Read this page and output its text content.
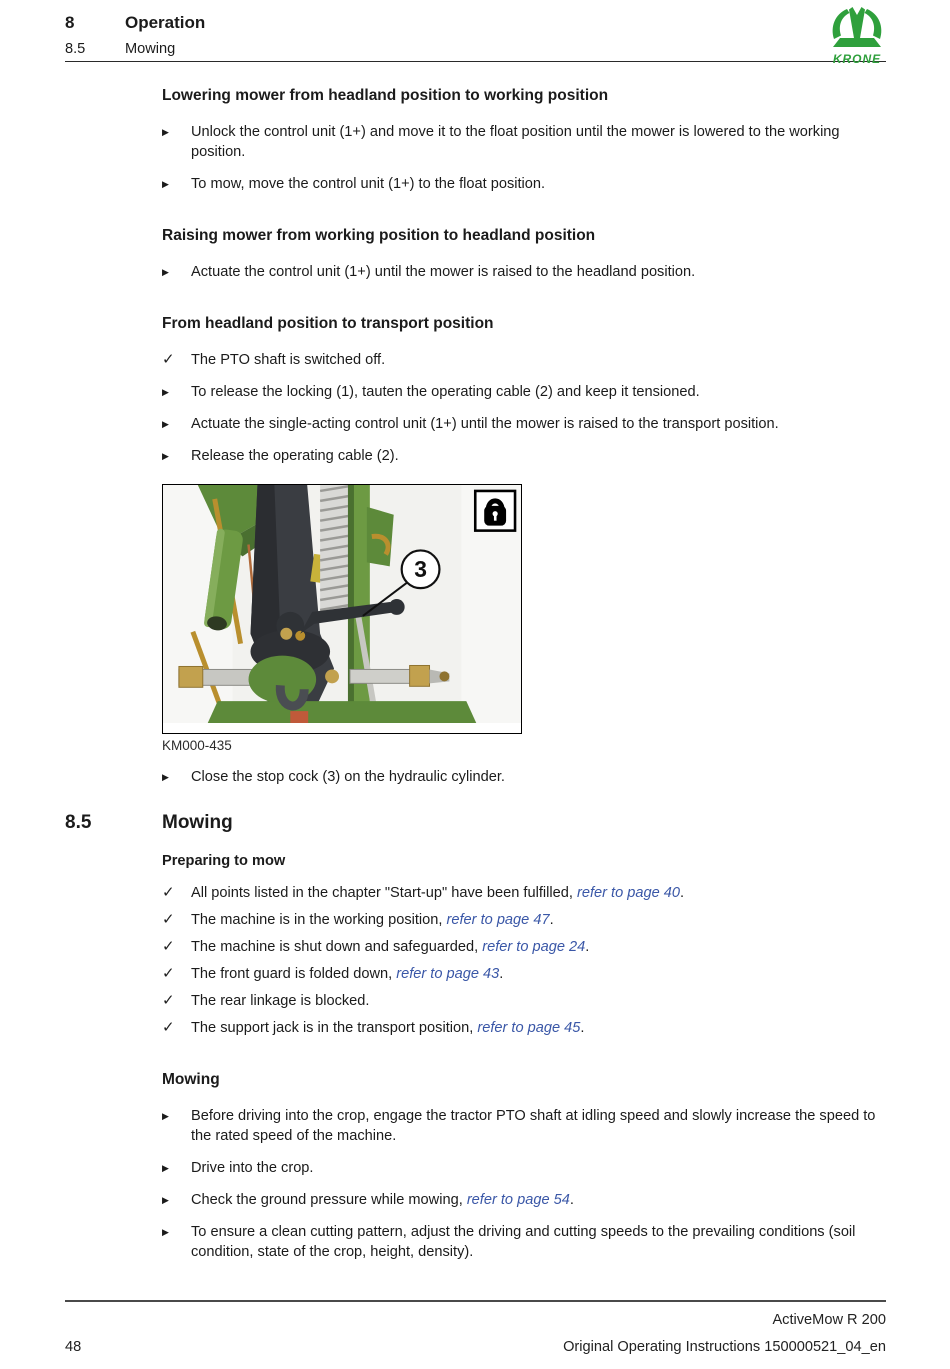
8	Operation
8.5	Mowing
KRONE
Lowering mower from headland position to working position
▶	Unlock the control unit (1+) and move it to the float position until the mower is lowered to the working position.
▶	To mow, move the control unit (1+) to the float position.
Raising mower from working position to headland position
▶	Actuate the control unit (1+) until the mower is raised to the headland position.
From headland position to transport position
✓	The PTO shaft is switched off.
▶	To release the locking (1), tauten the operating cable (2) and keep it tensioned.
▶	Actuate the single-acting control unit (1+) until the mower is raised to the transport position.
▶	Release the operating cable (2).
3
KM000-435
▶	Close the stop cock (3) on the hydraulic cylinder.
8.5	Mowing
Preparing to mow
✓	All points listed in the chapter "Start-up" have been fulfilled, refer to page 40.
✓	The machine is in the working position, refer to page 47.
✓	The machine is shut down and safeguarded, refer to page 24.
✓	The front guard is folded down, refer to page 43.
✓	The rear linkage is blocked.
✓	The support jack is in the transport position, refer to page 45.
Mowing
▶	Before driving into the crop, engage the tractor PTO shaft at idling speed and slowly increase the speed to the rated speed of the machine.
▶	Drive into the crop.
▶	Check the ground pressure while mowing, refer to page 54.
▶	To ensure a clean cutting pattern, adjust the driving and cutting speeds to the prevailing conditions (soil condition, state of the crop, height, density).
ActiveMow R 200
48	Original Operating Instructions 150000521_04_en
